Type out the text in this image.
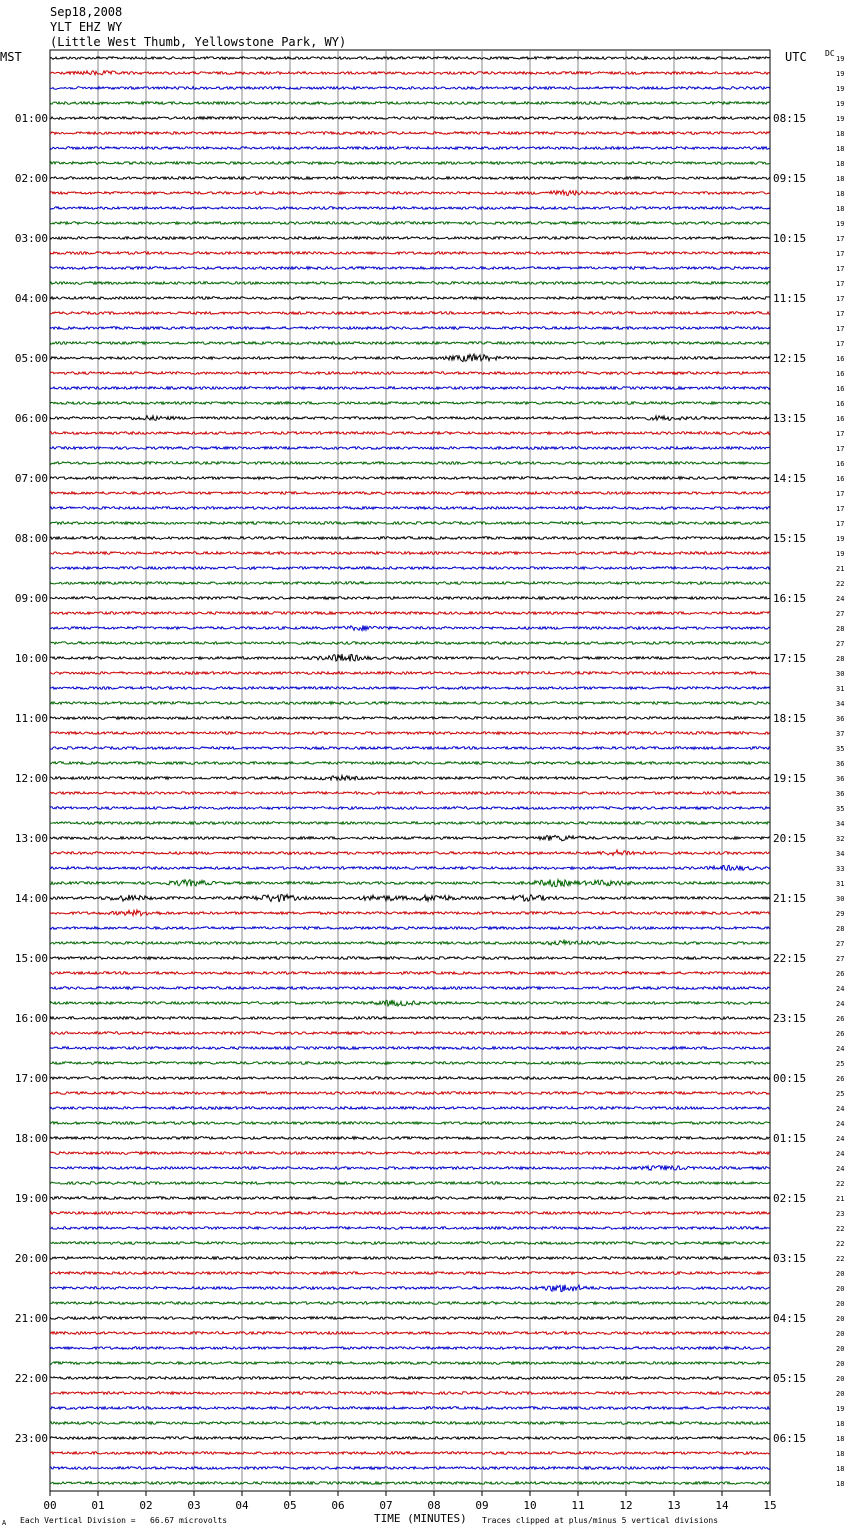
Sep18,2008
YLT EHZ WY
(Little West Thumb, Yellowstone Park, WY)
MST	UTC DC
01:00
02:00
03:00
04:00
05:00
06:00
07:00
08:00
09:00
10:00
11:00
12:00
13:00
14:00
15:00
16:00
17:00
18:00
19:00
20:00
21:00
22:00
23:00
08:15
09:15
10:15
11:15
12:15
13:15
14:15
15:15
16:15
17:15
18:15
19:15
20:15
21:15
22:15
23:15
00:15
01:15
02:15
03:15
04:15
05:15
06:15
19
19
19
19
19
18
18
18
18
18
18
19
17
17
17
17
17
17
17
17
16
16
16
16
16
17
17
16
16
17
17
17
19
19
21
22
24
27
28
27
28
30
31
34
36
37
35
36
36
36
35
34
32
34
33
31
30
29
28
27
27
26
24
24
26
26
24
25
26
25
24
24
24
24
24
22
21
23
22
22
22
20
20
20
20
20
20
20
20
20
19
18
18
18
18
18
00	01	02	03	04	05	06	07	08	09	10	11	12	13	14	15
A Each Vertical Division =   66.67 microvolts	TIME (MINUTES) Traces clipped at plus/minus 5 vertical divisions
